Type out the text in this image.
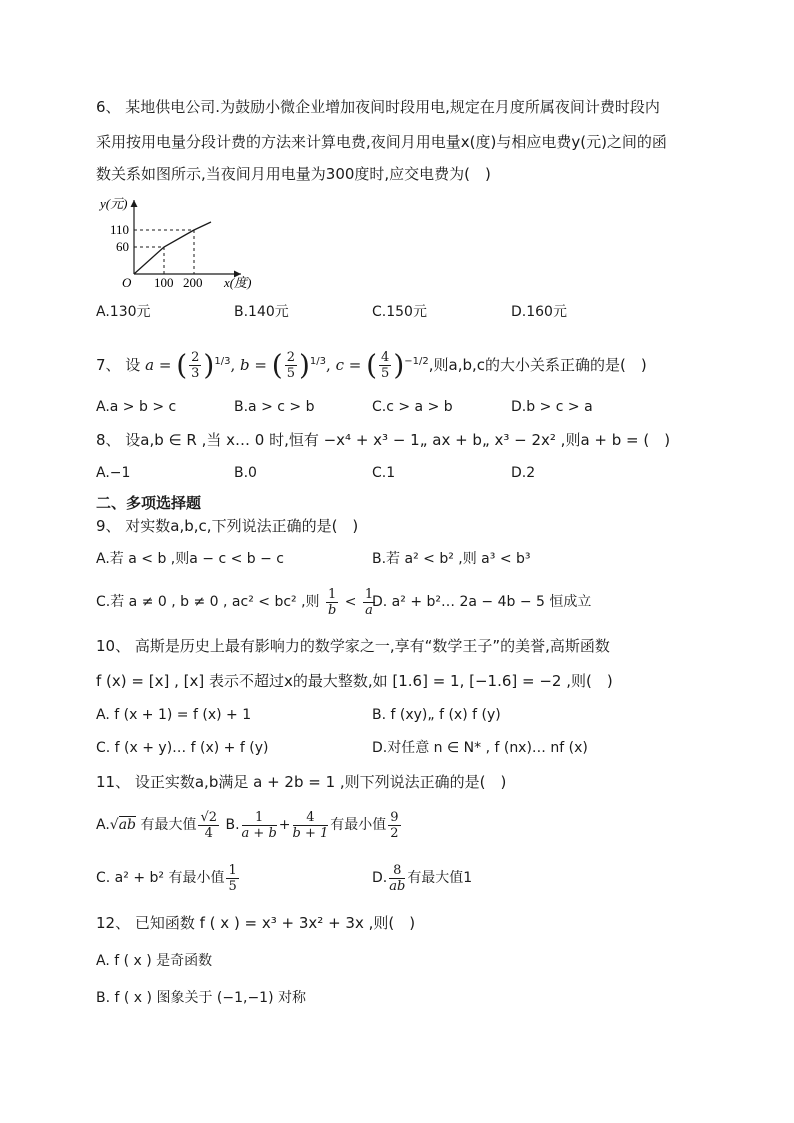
6、 某地供电公司.为鼓励小微企业增加夜间时段用电,规定在月度所属夜间计费时段内
采用按用电量分段计费的方法来计算电费,夜间月用电量x(度)与相应电费y(元)之间的函
数关系如图所示,当夜间月用电量为300度时,应交电费为(　)
y(元)
110
60
O 100 200 x(度)
A.130元	B.140元	C.150元	D.160元
7、 设 a = ( $\frac{2}{3} )^{1/3}$, b = ( $\frac{2}{5} )^{1/3}$, c = ( $\frac{4}{5} )^{-1/2}$,则a,b,c的大小关系正确的是(　)
A.a > b > c	B.a > c > b	C.c > a > b	D.b > c > a
8、 设a,b ∈ R ,当 x… 0 时,恒有 −x⁴ + x³ − 1„ ax + b„ x³ − 2x² ,则a + b = (　)
A.−1	B.0	C.1	D.2
二、多项选择题
9、 对实数a,b,c,下列说法正确的是(　)
A.若 a < b ,则a − c < b − c	B.若 a² < b² ,则 a³ < b³
C.若 a ≠ 0 , b ≠ 0 , ac² < bc² ,则 $\frac{1}{b} < \frac{1}{a}$
D. a² + b²… 2a − 4b − 5 恒成立
10、 高斯是历史上最有影响力的数学家之一,享有“数学王子”的美誉,高斯函数
f (x) = [x] , [x] 表示不超过x的最大整数,如 [1.6] = 1, [−1.6] = −2 ,则(　)
A. f (x + 1) = f (x) + 1	B. f (xy)„ f (x) f (y)
C. f (x + y)… f (x) + f (y)	D.对任意 n ∈ N* , f (nx)… nf (x)
11、 设正实数a,b满足 a + 2b = 1 ,则下列说法正确的是(　)
A.√ab 有最大值 $\frac{√2}{4} B$. $\frac{1}{a + b} + \frac{4}{b + 1}$ 有最小值 $\frac{9}{2}$
C. a² + b² 有最小值 $\frac{1}{5}$	D. $\frac{8}{ab}$ 有最大值1
12、 已知函数 f ( x ) = x³ + 3x² + 3x ,则(　)
A. f ( x ) 是奇函数
B. f ( x ) 图象关于 (−1,−1) 对称
